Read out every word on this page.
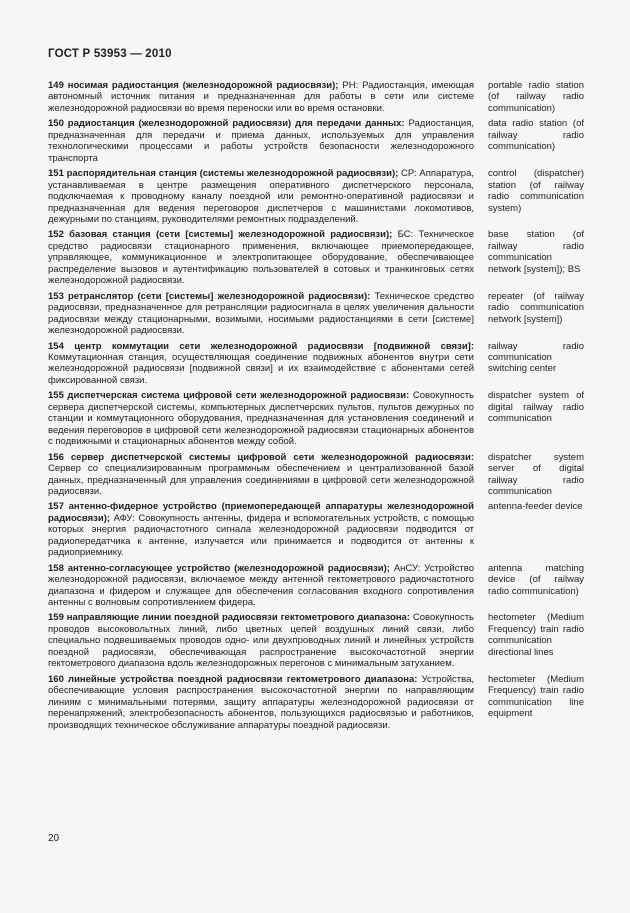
ГОСТ Р 53953 — 2010
149 носимая радиостанция (железнодорожной радиосвязи); РН: Радиостанция, имеющая автономный источник питания и предназначенная для работы в сети или системе железнодорожной радиосвязи во время переноски или во время остановки.
portable radio station (of railway radio communication)
150 радиостанция (железнодорожной радиосвязи) для передачи данных: Радиостанция, предназначенная для передачи и приема данных, используемых для управления технологическими процессами и работы устройств безопасности железнодорожного транспорта
data radio station (of railway radio communication)
151 распорядительная станция (системы железнодорожной радиосвязи); СР: Аппаратура, устанавливаемая в центре размещения оперативного диспетчерского персонала, подключаемая к проводному каналу поездной или ремонтно-оперативной радиосвязи и предназначенная для ведения переговоров диспетчеров с машинистами локомотивов, дежурными по станциям, руководителями ремонтных подразделений.
control (dispatcher) station (of railway radio communication system)
152 базовая станция (сети [системы] железнодорожной радиосвязи); БС: Техническое средство радиосвязи стационарного применения, включающее приемопередающее, управляющее, коммуникационное и электропитающее оборудование, обеспечивающее распределение вызовов и аутентификацию пользователей в сотовых и транкинговых сетях железнодорожной радиосвязи.
base station (of railway radio communication network [system]); BS
153 ретранслятор (сети [системы] железнодорожной радиосвязи): Техническое средство радиосвязи, предназначенное для ретрансляции радиосигнала в целях увеличения дальности радиосвязи между стационарными, возимыми, носимыми радиостанциями в сети [системе] железнодорожной радиосвязи.
repeater (of railway radio communication network [system])
154 центр коммутации сети железнодорожной радиосвязи [подвижной связи]: Коммутационная станция, осуществляющая соединение подвижных абонентов внутри сети железнодорожной радиосвязи [подвижной связи] и их взаимодействие с абонентами сетей фиксированной связи.
railway radio communication switching center
155 диспетчерская система цифровой сети железнодорожной радиосвязи: Совокупность сервера диспетчерской системы, компьютерных диспетчерских пультов, пультов дежурных по станции и коммутационного оборудования, предназначенная для установления соединений и ведения переговоров в цифровой сети железнодорожной радиосвязи стационарных абонентов с подвижными и стационарных абонентов между собой.
dispatcher system of digital railway radio communication
156 сервер диспетчерской системы цифровой сети железнодорожной радиосвязи: Сервер со специализированным программным обеспечением и централизованной базой данных, предназначенный для управления соединениями в цифровой сети железнодорожной радиосвязи.
dispatcher system server of digital railway radio communication
157 антенно-фидерное устройство (приемопередающей аппаратуры железнодорожной радиосвязи); АФУ: Совокупность антенны, фидера и вспомогательных устройств, с помощью которых энергия радиочастотного сигнала железнодорожной радиосвязи подводится от радиопередатчика к антенне, излучается или принимается и подводится от антенны к радиоприемнику.
antenna-feeder device
158 антенно-согласующее устройство (железнодорожной радиосвязи); АнСУ: Устройство железнодорожной радиосвязи, включаемое между антенной гектометрового радиочастотного диапазона и фидером и служащее для обеспечения согласования входного сопротивления антенны с волновым сопротивлением фидера.
antenna matching device (of railway radio communication)
159 направляющие линии поездной радиосвязи гектометрового диапазона: Совокупность проводов высоковольтных линий, либо цветных цепей воздушных линий связи, либо специально подвешиваемых проводов одно- или двухпроводных линий и линейных устройств поездной радиосвязи, обеспечивающая распространение высокочастотной энергии гектометрового диапазона вдоль железнодорожных перегонов с минимальным затуханием.
hectometer (Medium Frequency) train radio communication directional lines
160 линейные устройства поездной радиосвязи гектометрового диапазона: Устройства, обеспечивающие условия распространения высокочастотной энергии по направляющим линиям с минимальными потерями, защиту аппаратуры железнодорожной радиосвязи от перенапряжений, электробезопасность абонентов, пользующихся радиосвязью и работников, производящих техническое обслуживание аппаратуры поездной радиосвязи.
hectometer (Medium Frequency) train radio communication line equipment
20
